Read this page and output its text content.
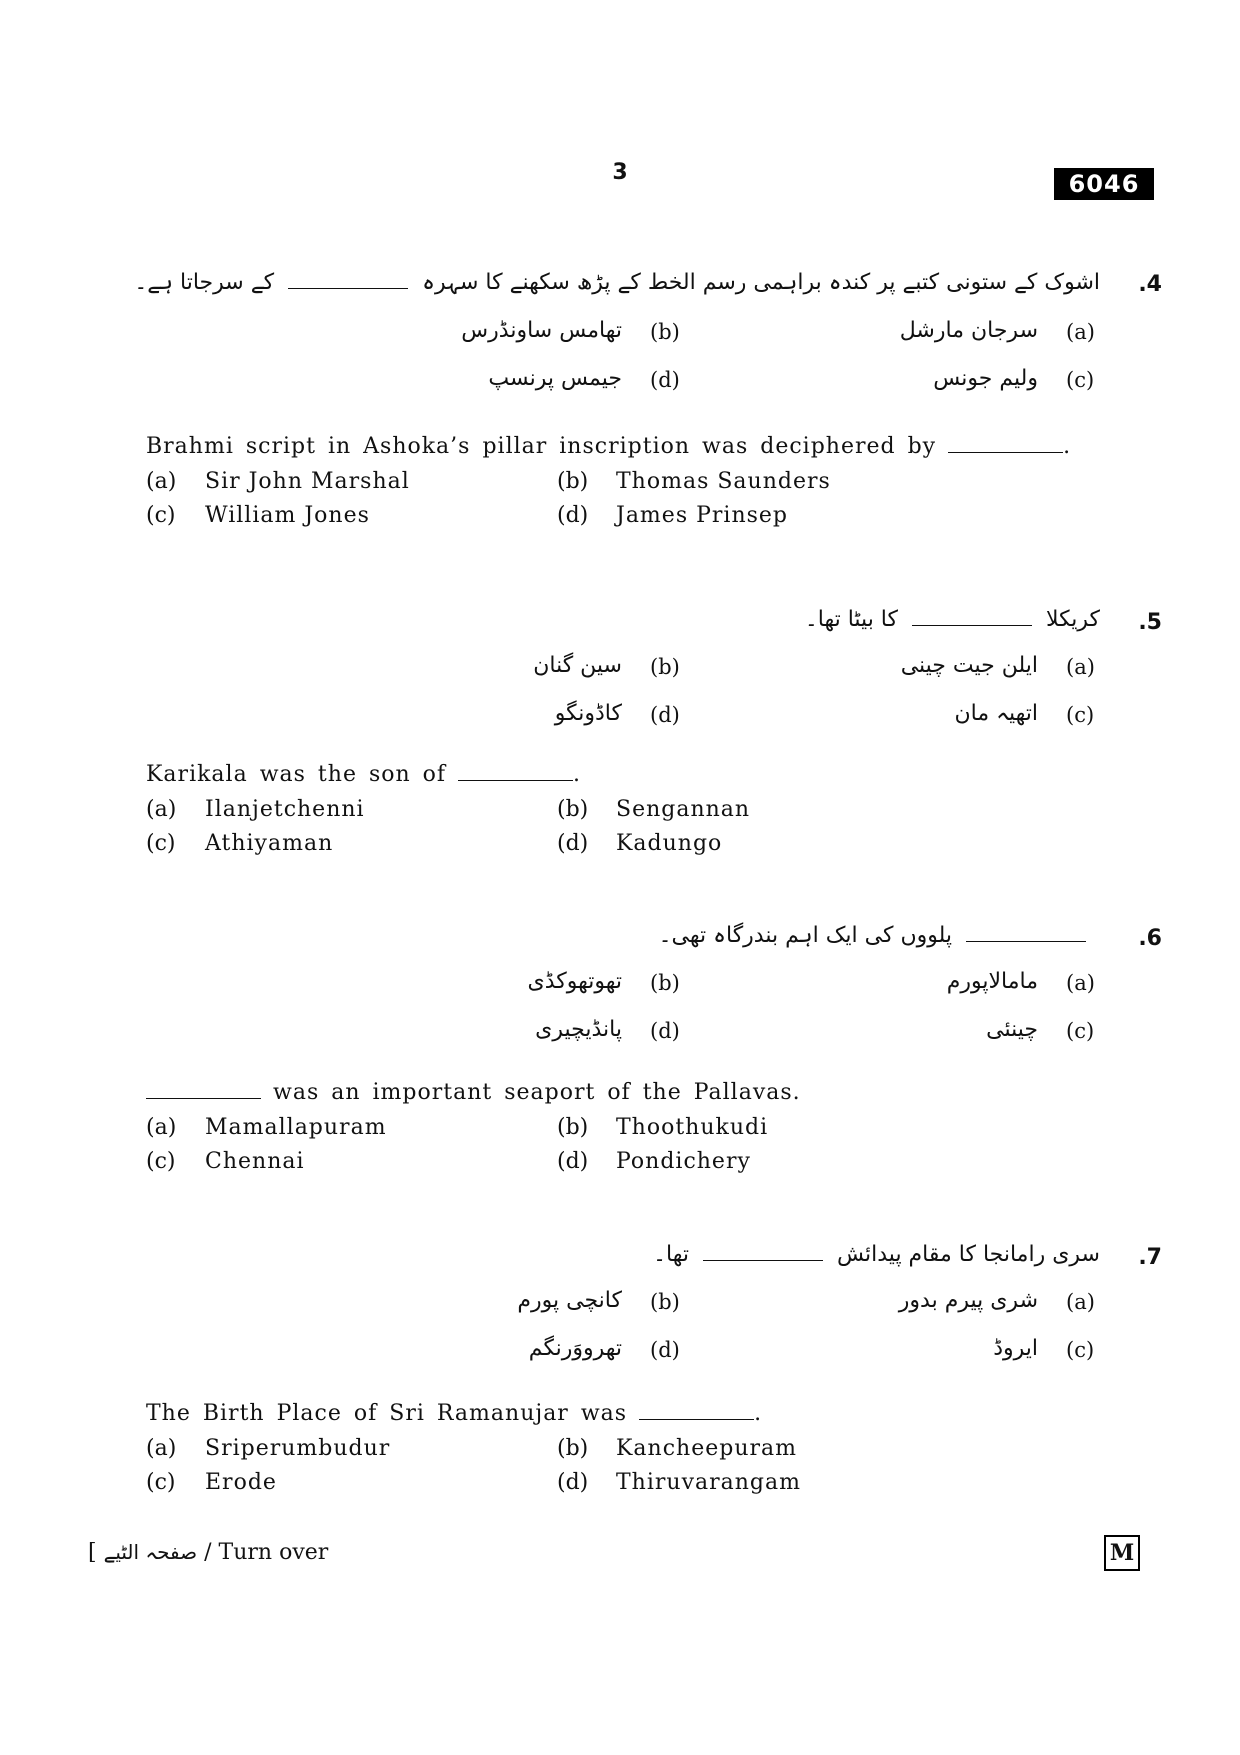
3	6046
.4
اشوک کے ستونی کتبے پر کندہ براہمی رسم الخط کے پڑھ سکھنے کا سہرہکے سرجاتا ہے۔
(a)
سرجان مارشل
(c)
ولیم جونس
(b)
تھامس ساونڈرس
(d)
جیمس پرنسپ
Brahmi script in Ashoka’s pillar inscription was deciphered by	.
(a) Sir John Marshal	(b) Thomas Saunders
(c) William Jones	(d) James Prinsep
.5
کریکلاکا بیٹا تھا۔
(a)
ایلن جیت چینی
(c)
اتھیہ مان
(b)
سین گنان
(d)
کاڈونگو
Karikala was the son of	.
(a) Ilanjetchenni	(b) Sengannan
(c) Athiyaman	(d) Kadungo
.6
پلووں کی ایک اہم بندرگاہ تھی۔
(a)
مامالاپورم
(c)
چینئی
(b)
تھوتھوکڈی
(d)
پانڈیچیری
was an important seaport of the Pallavas.
(a) Mamallapuram	(b) Thoothukudi
(c) Chennai	(d) Pondichery
.7
سری رامانجا کا مقام پیدائشتھا۔
(a)
شری پیرم بدور
(c)
ایروڈ
(b)
کانچی پورم
(d)
تھرووَرنگم
The Birth Place of Sri Ramanujar was	.
(a) Sriperumbudur	(b) Kancheepuram
(c) Erode	(d) Thiruvarangam
[ صفحہ الٹیے / Turn over	M
